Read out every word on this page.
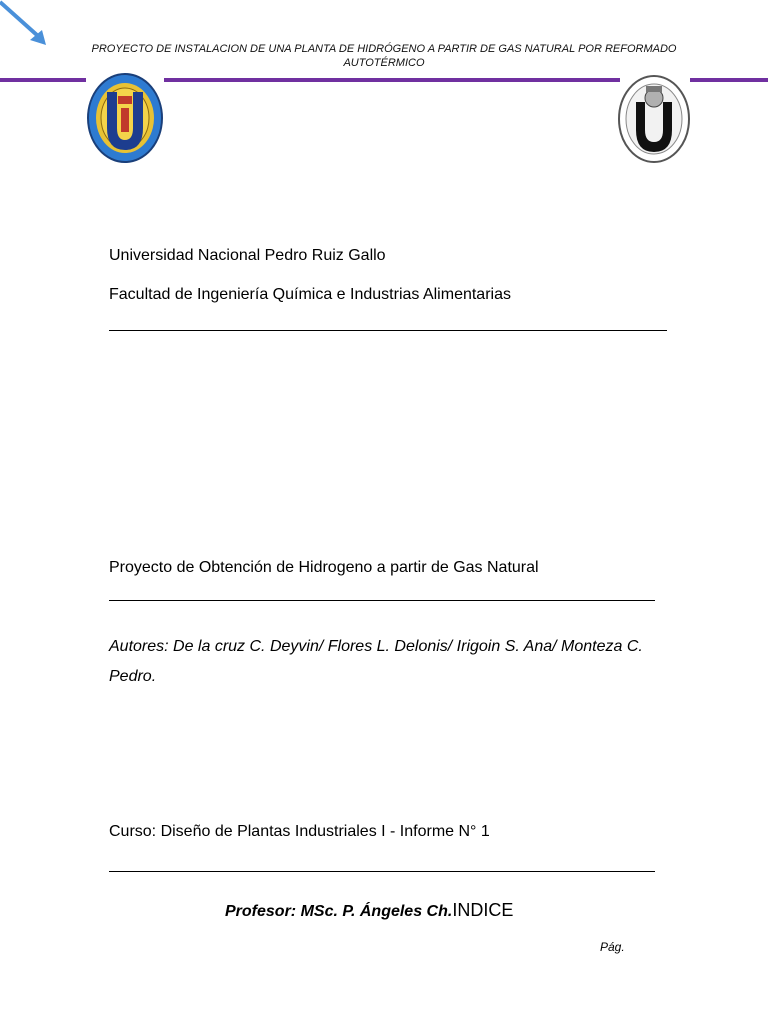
PROYECTO DE INSTALACION DE UNA PLANTA DE HIDRÓGENO A PARTIR DE GAS NATURAL POR REFORMADO AUTOTÉRMICO
Universidad Nacional Pedro Ruiz Gallo
Facultad de Ingeniería Química e Industrias Alimentarias
Proyecto de Obtención de Hidrogeno a partir de Gas Natural
Autores: De la cruz C. Deyvin/ Flores L. Delonis/ Irigoin S. Ana/ Monteza C. Pedro.
Curso: Diseño de Plantas Industriales I - Informe N° 1
Profesor: MSc. P. Ángeles Ch.INDICE
Pág.
